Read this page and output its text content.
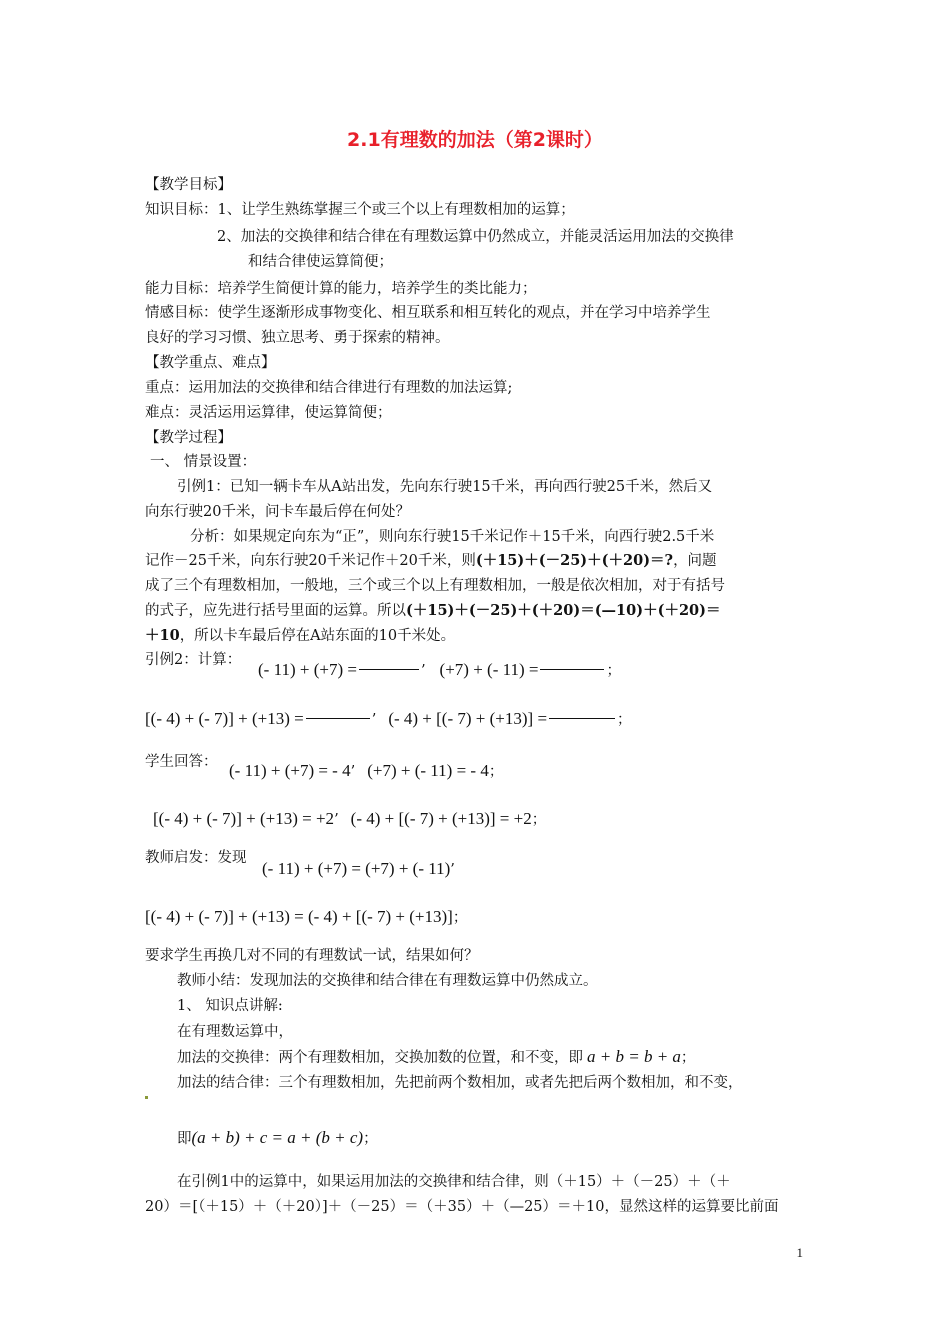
2.1有理数的加法（第2课时）
【教学目标】
知识目标：1、让学生熟练掌握三个或三个以上有理数相加的运算；
2、加法的交换律和结合律在有理数运算中仍然成立，并能灵活运用加法的交换律
和结合律使运算简便；
能力目标：培养学生简便计算的能力，培养学生的类比能力；
情感目标：使学生逐渐形成事物变化、相互联系和相互转化的观点，并在学习中培养学生
良好的学习习惯、独立思考、勇于探索的精神。
【教学重点、难点】
重点：运用加法的交换律和结合律进行有理数的加法运算;
难点：灵活运用运算律，使运算简便；
【教学过程】
一、 情景设置：
引例1：已知一辆卡车从A站出发，先向东行驶15千米，再向西行驶25千米，然后又
向东行驶20千米，问卡车最后停在何处？
分析：如果规定向东为“正”，则向东行驶15千米记作＋15千米，向西行驶2.5千米
记作－25千米，向东行驶20千米记作＋20千米，则(＋15)＋(－25)＋(＋20)＝?，问题
成了三个有理数相加，一般地，三个或三个以上有理数相加，一般是依次相加，对于有括号
的式子，应先进行括号里面的运算。所以(＋15)＋(－25)＋(＋20)＝(—10)＋(＋20)＝
＋10，所以卡车最后停在A站东面的10千米处。
引例2：计算： (- 11) + (+7) =	’ (+7) + (- 11) =	；
[(- 4) + (- 7)] + (+13) =	’ (- 4) + [(- 7) + (+13)] =	；
学生回答： (- 11) + (+7) = - 4’ (+7) + (- 11) = - 4；
[(- 4) + (- 7)] + (+13) = +2’ (- 4) + [(- 7) + (+13)] = +2；
教师启发：发现
(- 11) + (+7) = (+7) + (- 11)’
[(- 4) + (- 7)] + (+13) = (- 4) + [(- 7) + (+13)]；
要求学生再换几对不同的有理数试一试，结果如何？
教师小结：发现加法的交换律和结合律在有理数运算中仍然成立。
1、 知识点讲解:
在有理数运算中，
加法的交换律：两个有理数相加，交换加数的位置，和不变，即 a + b = b + a；
加法的结合律：三个有理数相加，先把前两个数相加，或者先把后两个数相加，和不变，
即(a + b) + c = a + (b + c)；
在引例1中的运算中，如果运用加法的交换律和结合律，则（＋15）＋（－25）＋（＋
20）＝[（＋15）＋（＋20）]＋（－25）＝（＋35）＋（—25）＝＋10，显然这样的运算要比前面
1
